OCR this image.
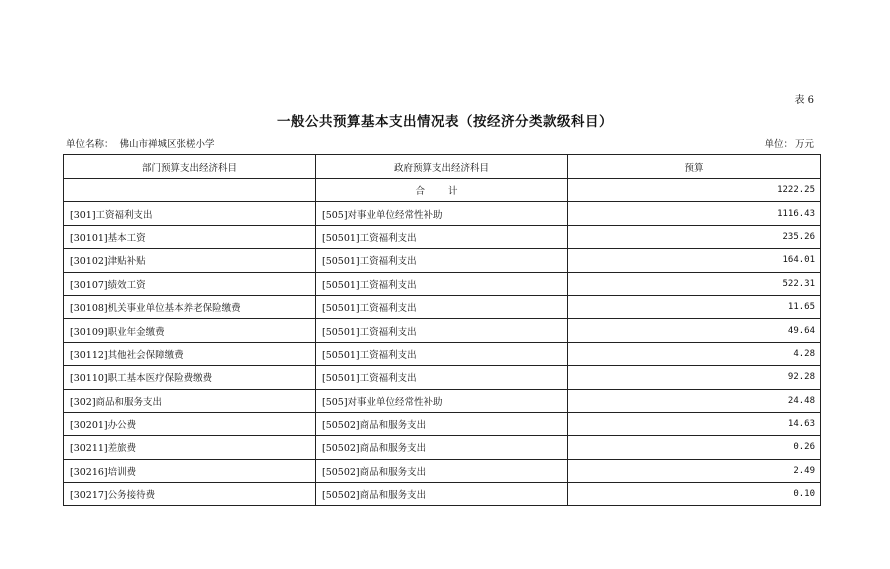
表 6
一般公共预算基本支出情况表（按经济分类款级科目）
单位名称： 佛山市禅城区张槎小学	单位： 万元
部门预算支出经济科目	政府预算支出经济科目	预算
	合 计	1222.25
[301]工资福利支出	[505]对事业单位经常性补助	1116.43
[30101]基本工资	[50501]工资福利支出	235.26
[30102]津贴补贴	[50501]工资福利支出	164.01
[30107]绩效工资	[50501]工资福利支出	522.31
[30108]机关事业单位基本养老保险缴费	[50501]工资福利支出	11.65
[30109]职业年金缴费	[50501]工资福利支出	49.64
[30112]其他社会保障缴费	[50501]工资福利支出	4.28
[30110]职工基本医疗保险费缴费	[50501]工资福利支出	92.28
[302]商品和服务支出	[505]对事业单位经常性补助	24.48
[30201]办公费	[50502]商品和服务支出	14.63
[30211]差旅费	[50502]商品和服务支出	0.26
[30216]培训费	[50502]商品和服务支出	2.49
[30217]公务接待费	[50502]商品和服务支出	0.10
